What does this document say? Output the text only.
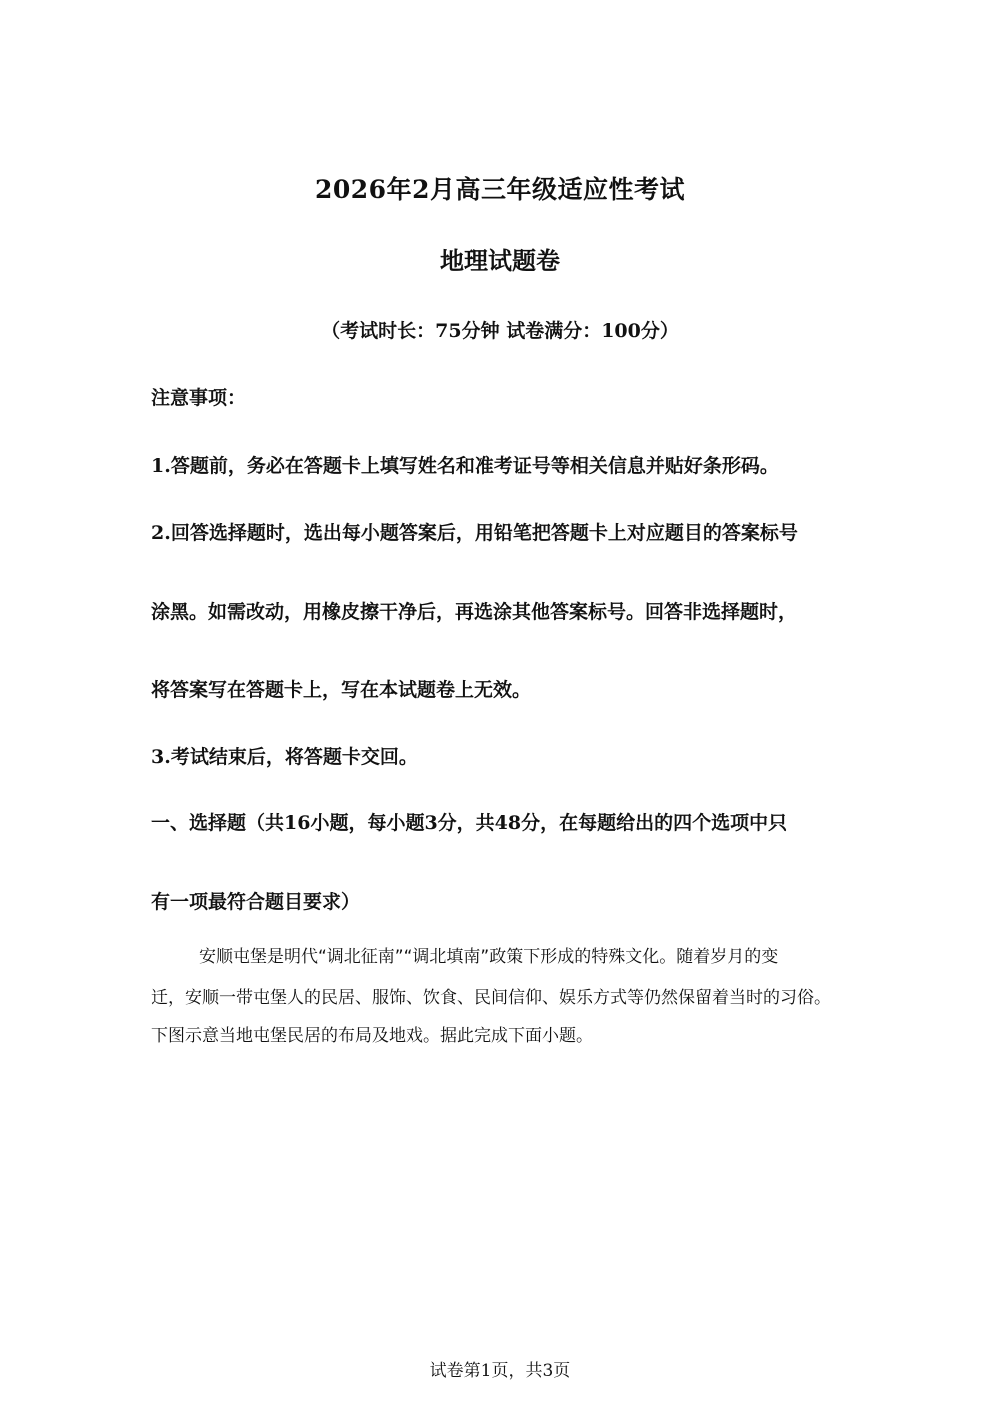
2026年2月高三年级适应性考试
地理试题卷
（考试时长：75分钟 试卷满分：100分）
注意事项：
1.答题前，务必在答题卡上填写姓名和准考证号等相关信息并贴好条形码。
2.回答选择题时，选出每小题答案后，用铅笔把答题卡上对应题目的答案标号
涂黑。如需改动，用橡皮擦干净后，再选涂其他答案标号。回答非选择题时，
将答案写在答题卡上，写在本试题卷上无效。
3.考试结束后，将答题卡交回。
一、选择题（共16小题，每小题3分，共48分，在每题给出的四个选项中只
有一项最符合题目要求）
安顺屯堡是明代“调北征南”“调北填南”政策下形成的特殊文化。随着岁月的变
迁，安顺一带屯堡人的民居、服饰、饮食、民间信仰、娱乐方式等仍然保留着当时的习俗。
下图示意当地屯堡民居的布局及地戏。据此完成下面小题。
试卷第1页，共3页
